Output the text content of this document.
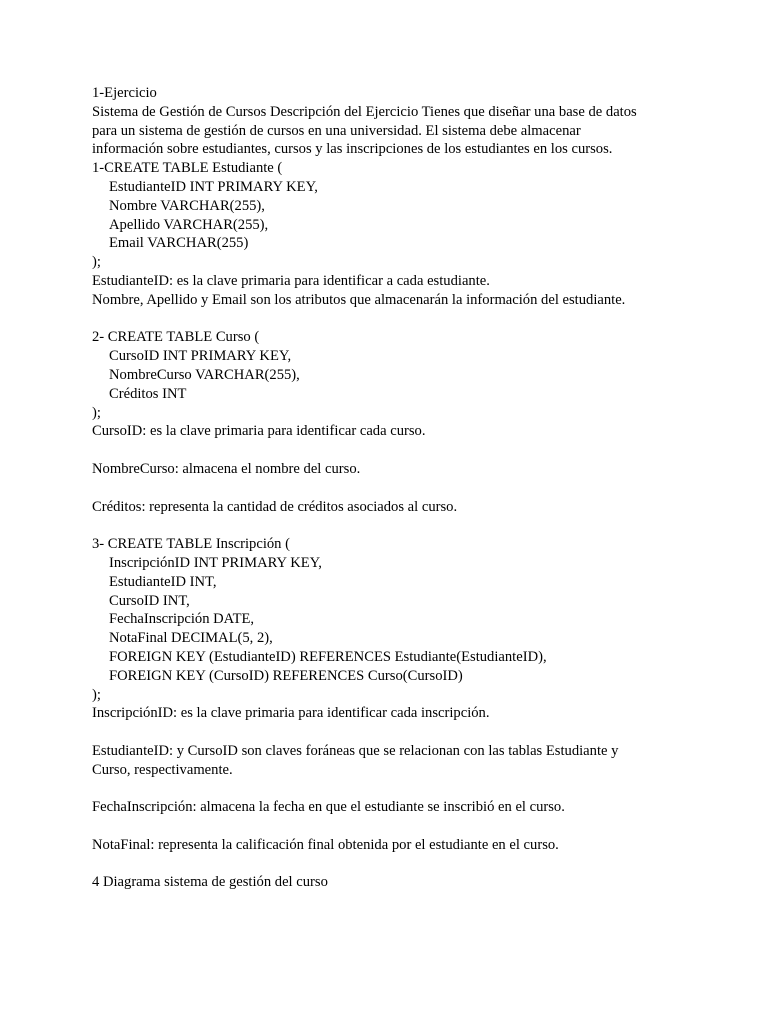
1-Ejercicio
Sistema de Gestión de Cursos Descripción del Ejercicio Tienes que diseñar una base de datos
para un sistema de gestión de cursos en una universidad. El sistema debe almacenar
información sobre estudiantes, cursos y las inscripciones de los estudiantes en los cursos.
1-CREATE TABLE Estudiante (
EstudianteID INT PRIMARY KEY,
Nombre VARCHAR(255),
Apellido VARCHAR(255),
Email VARCHAR(255)
);
EstudianteID: es la clave primaria para identificar a cada estudiante.
Nombre, Apellido y Email son los atributos que almacenarán la información del estudiante.
2- CREATE TABLE Curso (
CursoID INT PRIMARY KEY,
NombreCurso VARCHAR(255),
Créditos INT
);
CursoID: es la clave primaria para identificar cada curso.
NombreCurso: almacena el nombre del curso.
Créditos: representa la cantidad de créditos asociados al curso.
3- CREATE TABLE Inscripción (
InscripciónID INT PRIMARY KEY,
EstudianteID INT,
CursoID INT,
FechaInscripción DATE,
NotaFinal DECIMAL(5, 2),
FOREIGN KEY (EstudianteID) REFERENCES Estudiante(EstudianteID),
FOREIGN KEY (CursoID) REFERENCES Curso(CursoID)
);
InscripciónID: es la clave primaria para identificar cada inscripción.
EstudianteID: y CursoID son claves foráneas que se relacionan con las tablas Estudiante y
Curso, respectivamente.
FechaInscripción: almacena la fecha en que el estudiante se inscribió en el curso.
NotaFinal: representa la calificación final obtenida por el estudiante en el curso.
4 Diagrama sistema de gestión del curso
